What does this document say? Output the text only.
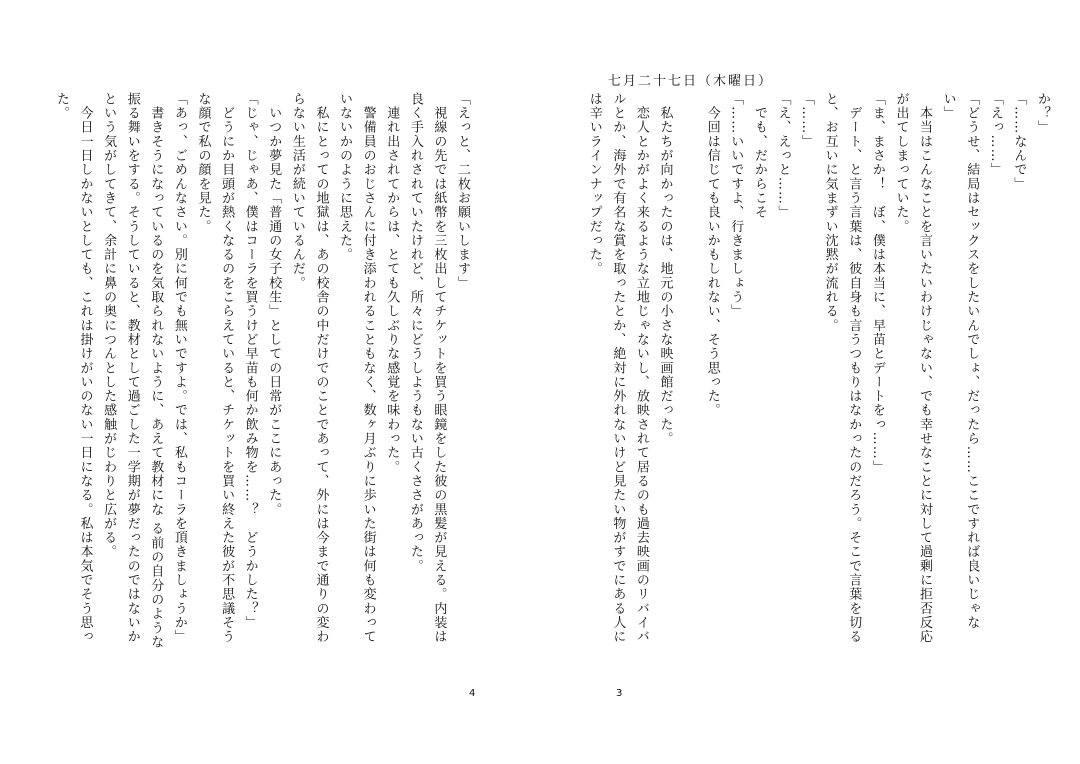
「えっと、二枚お願いします」
　視線の先では紙幣を三枚出してチケットを買う眼鏡をした彼の黒髪が見える。内装は良く手入れされていたけれど、所々にどうしようもない古くささがあった。
　連れ出されてからは、とても久しぶりな感覚を味わった。
　警備員のおじさんに付き添われることもなく、数ヶ月ぶりに歩いた街は何も変わっていないかのように思えた。
　私にとっての地獄は、あの校舎の中だけでのことであって、外には今まで通りの変わらない生活が続いているんだ。
　いつか夢見た「普通の女子校生」としての日常がここにあった。
「じゃ、じゃあ、僕はコーラを買うけど早苗も何か飲み物を……？　どうかした？」
　どうにか目頭が熱くなるのをこらえていると、チケットを買い終えた彼が不思議そうな顔で私の顔を見た。
「あっ、ごめんなさい。別に何でも無いですよ。では、私もコーラを頂きましょうか」
　書きそうになっているのを気取られないように、あえて教材にな る前の自分のような振る舞いをする。そうしていると、教材として過ごした一学期が夢だったのではないかという気がしてきて、余計に鼻の奥につんとした感触がじわりと広がる。
　今日一日しかないとしても、これは掛けがいのない一日になる。私は本気でそう思った。
4
か？」
「……なんで」
「えっ……」
「どうせ、結局はセックスをしたいんでしょ、だったら……ここですれば良いじゃない」
　本当はこんなことを言いたいわけじゃない、でも幸せなことに対して過剰に拒否反応が出てしまっていた。
「ま、まさか！　ぼ、僕は本当に、早苗とデートをっ……」
　デート、と言う言葉は、彼自身も言うつもりはなかったのだろう。そこで言葉を切ると、お互いに気まずい沈黙が流れる。
「……」
「え、えっと……」
　でも、だからこそ
「……いいですよ、行きましょう」
　今回は信じても良いかもしれない、そう思った。

　私たちが向かったのは、地元の小さな映画館だった。
　恋人とかがよく来るような立地じゃないし、放映されて居るのも過去映画のリバイバルとか、海外で有名な賞を取ったとか、絶対に外れないけど見たい物がすでにある人には辛いラインナップだった。
3
七月二十七日（木曜日）
